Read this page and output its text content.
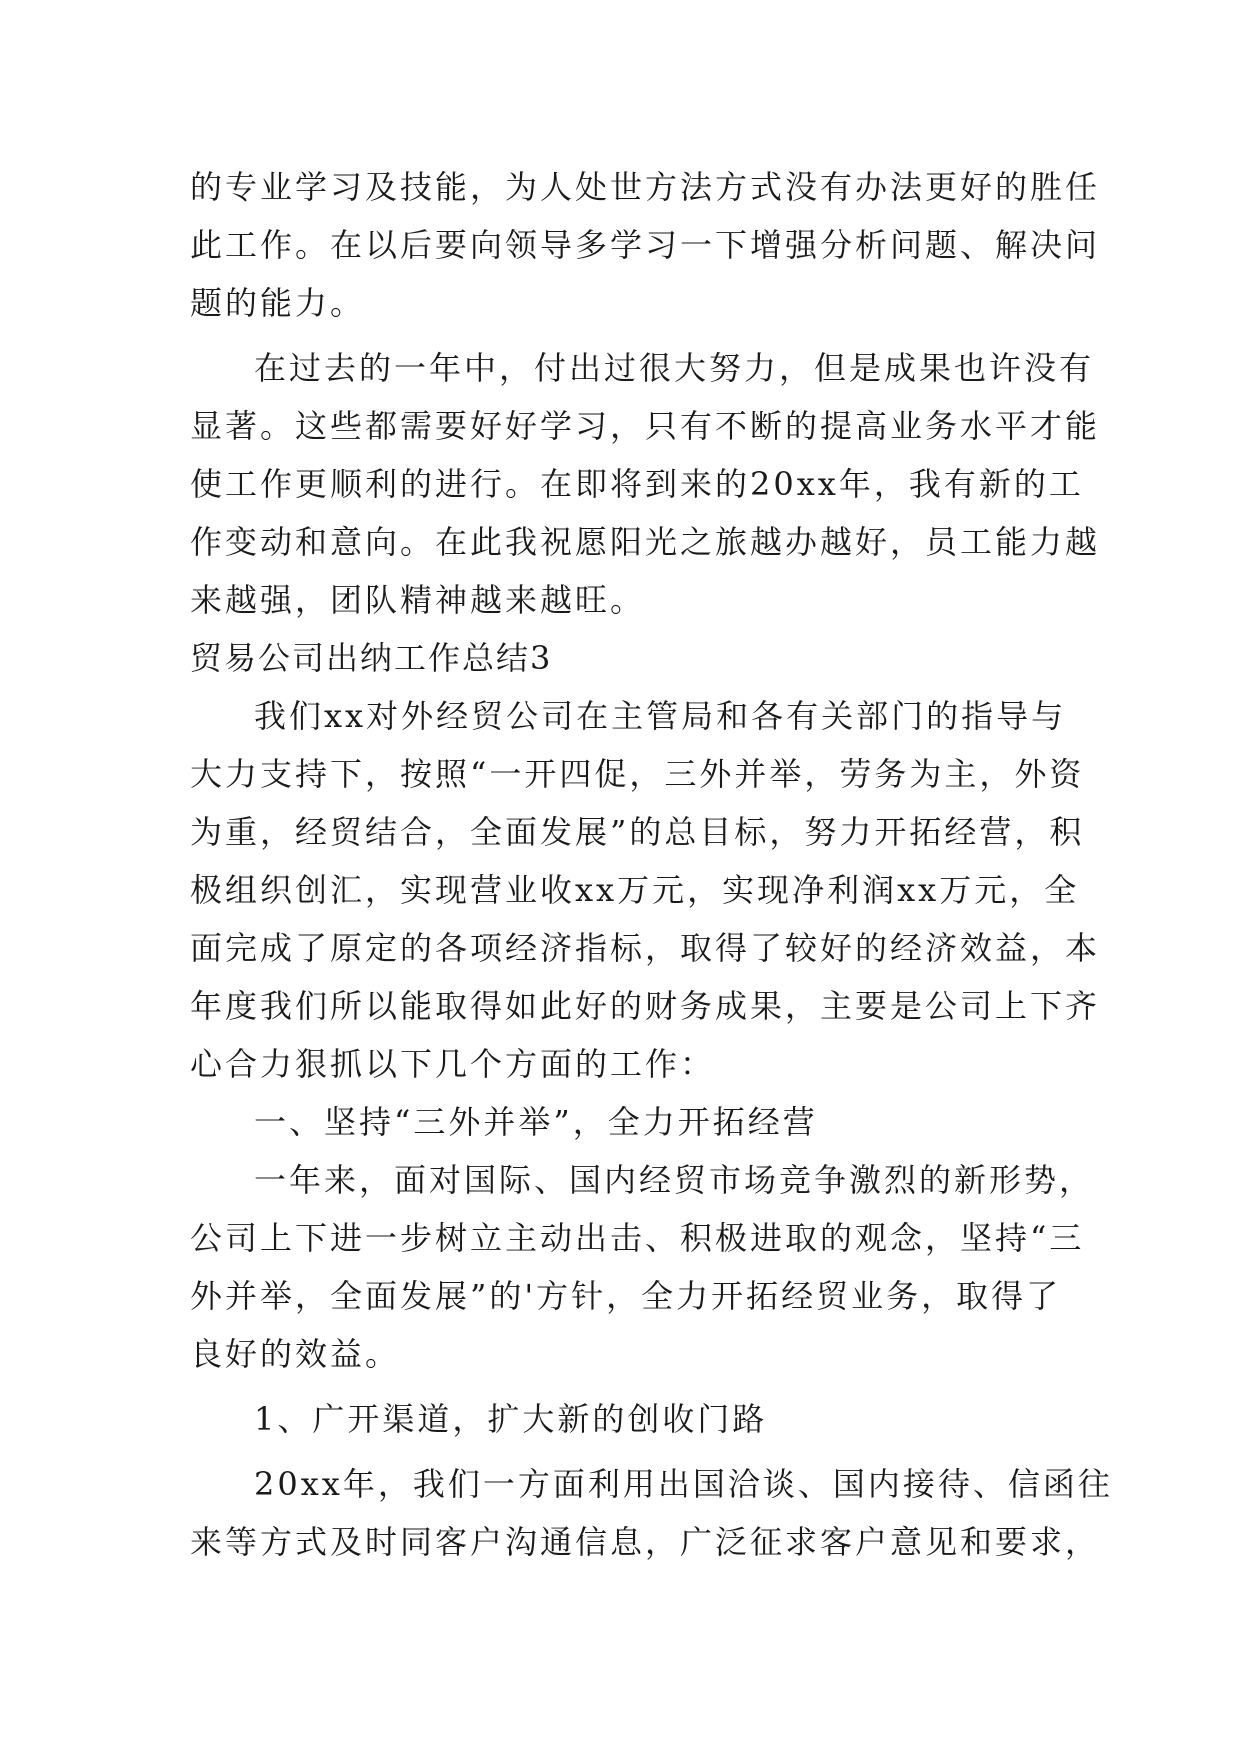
的专业学习及技能，为人处世方法方式没有办法更好的胜任
此工作。在以后要向领导多学习一下增强分析问题、解决问
题的能力。
在过去的一年中，付出过很大努力，但是成果也许没有
显著。这些都需要好好学习，只有不断的提高业务水平才能
使工作更顺利的进行。在即将到来的20xx年，我有新的工
作变动和意向。在此我祝愿阳光之旅越办越好，员工能力越
来越强，团队精神越来越旺。
贸易公司出纳工作总结3
我们xx对外经贸公司在主管局和各有关部门的指导与
大力支持下，按照“一开四促，三外并举，劳务为主，外资
为重，经贸结合，全面发展”的总目标，努力开拓经营，积
极组织创汇，实现营业收xx万元，实现净利润xx万元，全
面完成了原定的各项经济指标，取得了较好的经济效益，本
年度我们所以能取得如此好的财务成果，主要是公司上下齐
心合力狠抓以下几个方面的工作：
一、坚持“三外并举”，全力开拓经营
一年来，面对国际、国内经贸市场竞争激烈的新形势，
公司上下进一步树立主动出击、积极进取的观念，坚持“三
外并举，全面发展”的'方针，全力开拓经贸业务，取得了
良好的效益。
1、广开渠道，扩大新的创收门路
20xx年，我们一方面利用出国洽谈、国内接待、信函往
来等方式及时同客户沟通信息，广泛征求客户意见和要求，
